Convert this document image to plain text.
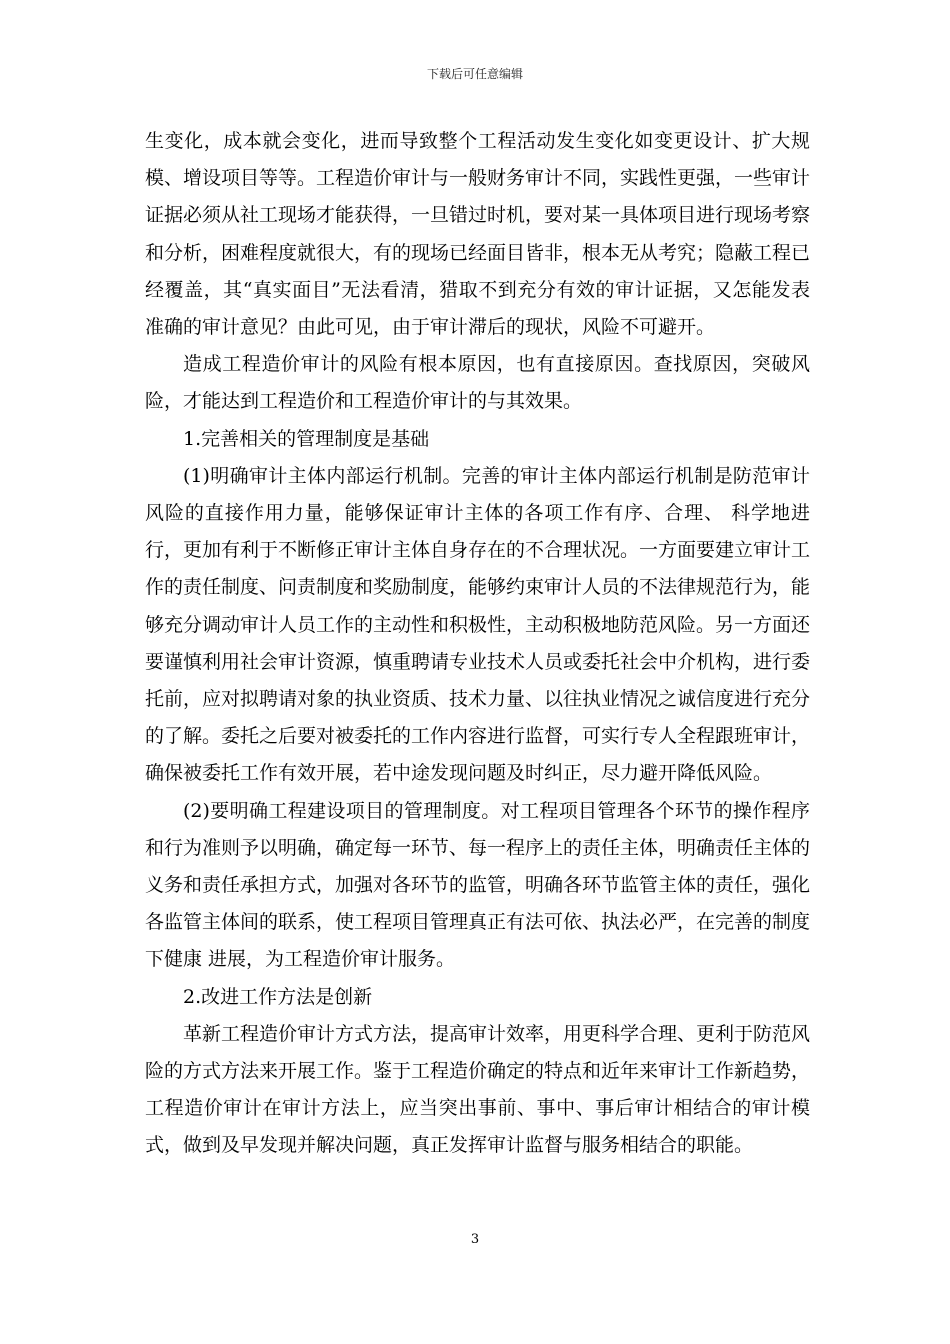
下载后可任意编辑

生变化，成本就会变化，进而导致整个工程活动发生变化如变更设计、扩大规模、增设项目等等。工程造价审计与一般财务审计不同，实践性更强，一些审计证据必须从社工现场才能获得，一旦错过时机，要对某一具体项目进行现场考察和分析，困难程度就很大，有的现场已经面目皆非，根本无从考究；隐蔽工程已经覆盖，其“真实面目”无法看清，猎取不到充分有效的审计证据，又怎能发表准确的审计意见？由此可见，由于审计滞后的现状，风险不可避开。

造成工程造价审计的风险有根本原因，也有直接原因。查找原因，突破风险，才能达到工程造价和工程造价审计的与其效果。

1.完善相关的管理制度是基础

(1)明确审计主体内部运行机制。完善的审计主体内部运行机制是防范审计风险的直接作用力量，能够保证审计主体的各项工作有序、合理、 科学地进行，更加有利于不断修正审计主体自身存在的不合理状况。一方面要建立审计工作的责任制度、问责制度和奖励制度，能够约束审计人员的不法律规范行为，能够充分调动审计人员工作的主动性和积极性，主动积极地防范风险。另一方面还要谨慎利用社会审计资源，慎重聘请专业技术人员或委托社会中介机构，进行委托前，应对拟聘请对象的执业资质、技术力量、以往执业情况之诚信度进行充分的了解。委托之后要对被委托的工作内容进行监督，可实行专人全程跟班审计，确保被委托工作有效开展，若中途发现问题及时纠正，尽力避开降低风险。

(2)要明确工程建设项目的管理制度。对工程项目管理各个环节的操作程序和行为准则予以明确，确定每一环节、每一程序上的责任主体，明确责任主体的义务和责任承担方式，加强对各环节的监管，明确各环节监管主体的责任，强化各监管主体间的联系，使工程项目管理真正有法可依、执法必严，在完善的制度下健康 进展，为工程造价审计服务。

2.改进工作方法是创新

革新工程造价审计方式方法，提高审计效率，用更科学合理、更利于防范风险的方式方法来开展工作。鉴于工程造价确定的特点和近年来审计工作新趋势，工程造价审计在审计方法上，应当突出事前、事中、事后审计相结合的审计模式，做到及早发现并解决问题，真正发挥审计监督与服务相结合的职能。

3
